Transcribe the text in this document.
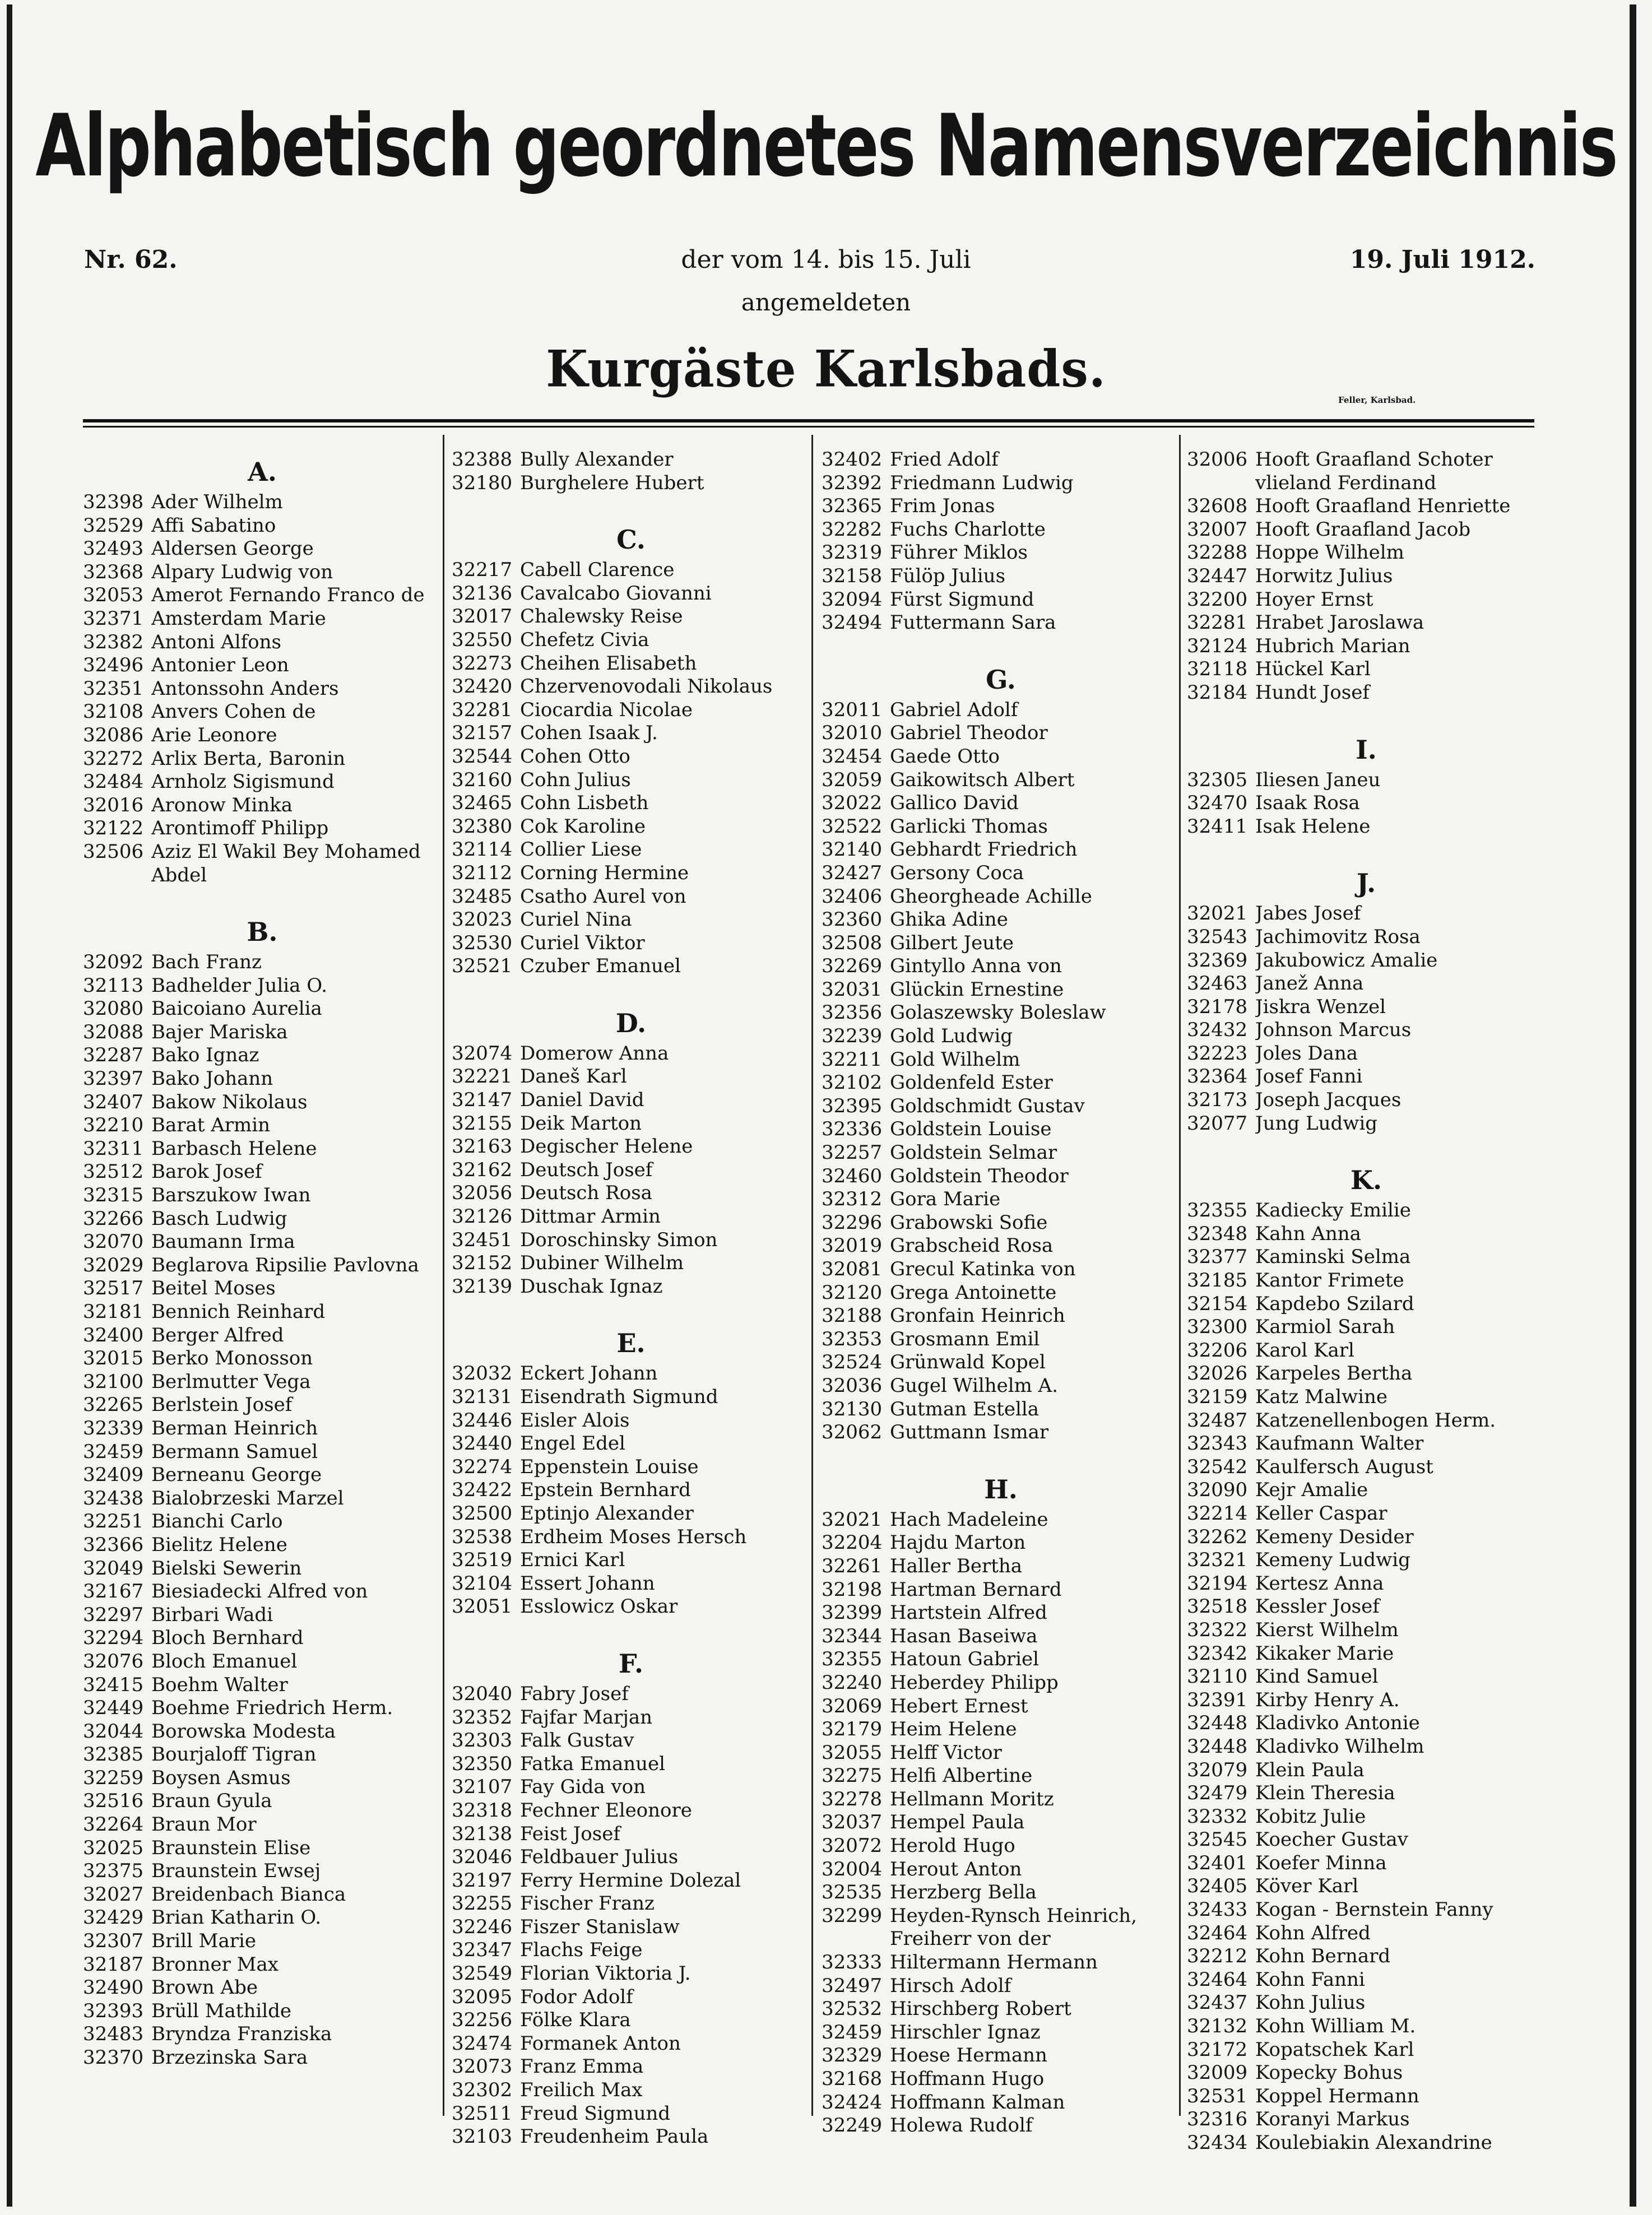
Alphabetisch geordnetes Namensverzeichnis
Nr. 62.	der vom 14. bis 15. Juli	19. Juli 1912.
angemeldeten
Kurgäste Karlsbads.
Feller, Karlsbad.
A.
32398 Ader Wilhelm
32529 Affi Sabatino
32493 Aldersen George
32368 Alpary Ludwig von
32053 Amerot Fernando Franco de
32371 Amsterdam Marie
32382 Antoni Alfons
32496 Antonier Leon
32351 Antonssohn Anders
32108 Anvers Cohen de
32086 Arie Leonore
32272 Arlix Berta, Baronin
32484 Arnholz Sigismund
32016 Aronow Minka
32122 Arontimoff Philipp
32506 Aziz El Wakil Bey Mohamed Abdel
B.
32092 Bach Franz
32113 Badhelder Julia O.
32080 Baicoiano Aurelia
32088 Bajer Mariska
32287 Bako Ignaz
32397 Bako Johann
32407 Bakow Nikolaus
32210 Barat Armin
32311 Barbasch Helene
32512 Barok Josef
32315 Barszukow Iwan
32266 Basch Ludwig
32070 Baumann Irma
32029 Beglarova Ripsilie Pavlovna
32517 Beitel Moses
32181 Bennich Reinhard
32400 Berger Alfred
32015 Berko Monosson
32100 Berlmutter Vega
32265 Berlstein Josef
32339 Berman Heinrich
32459 Bermann Samuel
32409 Berneanu George
32438 Bialobrzeski Marzel
32251 Bianchi Carlo
32366 Bielitz Helene
32049 Bielski Sewerin
32167 Biesiadecki Alfred von
32297 Birbari Wadi
32294 Bloch Bernhard
32076 Bloch Emanuel
32415 Boehm Walter
32449 Boehme Friedrich Herm.
32044 Borowska Modesta
32385 Bourjaloff Tigran
32259 Boysen Asmus
32516 Braun Gyula
32264 Braun Mor
32025 Braunstein Elise
32375 Braunstein Ewsej
32027 Breidenbach Bianca
32429 Brian Katharin O.
32307 Brill Marie
32187 Bronner Max
32490 Brown Abe
32393 Brüll Mathilde
32483 Bryndza Franziska
32370 Brzezinska Sara
32388 Bully Alexander
32180 Burghelere Hubert
C.
32217 Cabell Clarence
32136 Cavalcabo Giovanni
32017 Chalewsky Reise
32550 Chefetz Civia
32273 Cheihen Elisabeth
32420 Chzervenovodali Nikolaus
32281 Ciocardia Nicolae
32157 Cohen Isaak J.
32544 Cohen Otto
32160 Cohn Julius
32465 Cohn Lisbeth
32380 Cok Karoline
32114 Collier Liese
32112 Corning Hermine
32485 Csatho Aurel von
32023 Curiel Nina
32530 Curiel Viktor
32521 Czuber Emanuel
D.
32074 Domerow Anna
32221 Daneš Karl
32147 Daniel David
32155 Deik Marton
32163 Degischer Helene
32162 Deutsch Josef
32056 Deutsch Rosa
32126 Dittmar Armin
32451 Doroschinsky Simon
32152 Dubiner Wilhelm
32139 Duschak Ignaz
E.
32032 Eckert Johann
32131 Eisendrath Sigmund
32446 Eisler Alois
32440 Engel Edel
32274 Eppenstein Louise
32422 Epstein Bernhard
32500 Eptinjo Alexander
32538 Erdheim Moses Hersch
32519 Ernici Karl
32104 Essert Johann
32051 Esslowicz Oskar
F.
32040 Fabry Josef
32352 Fajfar Marjan
32303 Falk Gustav
32350 Fatka Emanuel
32107 Fay Gida von
32318 Fechner Eleonore
32138 Feist Josef
32046 Feldbauer Julius
32197 Ferry Hermine Dolezal
32255 Fischer Franz
32246 Fiszer Stanislaw
32347 Flachs Feige
32549 Florian Viktoria J.
32095 Fodor Adolf
32256 Fölke Klara
32474 Formanek Anton
32073 Franz Emma
32302 Freilich Max
32511 Freud Sigmund
32103 Freudenheim Paula
32402 Fried Adolf
32392 Friedmann Ludwig
32365 Frim Jonas
32282 Fuchs Charlotte
32319 Führer Miklos
32158 Fülöp Julius
32094 Fürst Sigmund
32494 Futtermann Sara
G.
32011 Gabriel Adolf
32010 Gabriel Theodor
32454 Gaede Otto
32059 Gaikowitsch Albert
32022 Gallico David
32522 Garlicki Thomas
32140 Gebhardt Friedrich
32427 Gersony Coca
32406 Gheorgheade Achille
32360 Ghika Adine
32508 Gilbert Jeute
32269 Gintyllo Anna von
32031 Glückin Ernestine
32356 Golaszewsky Boleslaw
32239 Gold Ludwig
32211 Gold Wilhelm
32102 Goldenfeld Ester
32395 Goldschmidt Gustav
32336 Goldstein Louise
32257 Goldstein Selmar
32460 Goldstein Theodor
32312 Gora Marie
32296 Grabowski Sofie
32019 Grabscheid Rosa
32081 Grecul Katinka von
32120 Grega Antoinette
32188 Gronfain Heinrich
32353 Grosmann Emil
32524 Grünwald Kopel
32036 Gugel Wilhelm A.
32130 Gutman Estella
32062 Guttmann Ismar
H.
32021 Hach Madeleine
32204 Hajdu Marton
32261 Haller Bertha
32198 Hartman Bernard
32399 Hartstein Alfred
32344 Hasan Baseiwa
32355 Hatoun Gabriel
32240 Heberdey Philipp
32069 Hebert Ernest
32179 Heim Helene
32055 Helff Victor
32275 Helfi Albertine
32278 Hellmann Moritz
32037 Hempel Paula
32072 Herold Hugo
32004 Herout Anton
32535 Herzberg Bella
32299 Heyden-Rynsch Heinrich, Freiherr von der
32333 Hiltermann Hermann
32497 Hirsch Adolf
32532 Hirschberg Robert
32459 Hirschler Ignaz
32329 Hoese Hermann
32168 Hoffmann Hugo
32424 Hoffmann Kalman
32249 Holewa Rudolf
32006 Hooft Graafland Schoter vlieland Ferdinand
32608 Hooft Graafland Henriette
32007 Hooft Graafland Jacob
32288 Hoppe Wilhelm
32447 Horwitz Julius
32200 Hoyer Ernst
32281 Hrabet Jaroslawa
32124 Hubrich Marian
32118 Hückel Karl
32184 Hundt Josef
I.
32305 Iliesen Janeu
32470 Isaak Rosa
32411 Isak Helene
J.
32021 Jabes Josef
32543 Jachimovitz Rosa
32369 Jakubowicz Amalie
32463 Janež Anna
32178 Jiskra Wenzel
32432 Johnson Marcus
32223 Joles Dana
32364 Josef Fanni
32173 Joseph Jacques
32077 Jung Ludwig
K.
32355 Kadiecky Emilie
32348 Kahn Anna
32377 Kaminski Selma
32185 Kantor Frimete
32154 Kapdebo Szilard
32300 Karmiol Sarah
32206 Karol Karl
32026 Karpeles Bertha
32159 Katz Malwine
32487 Katzenellenbogen Herm.
32343 Kaufmann Walter
32542 Kaulfersch August
32090 Kejr Amalie
32214 Keller Caspar
32262 Kemeny Desider
32321 Kemeny Ludwig
32194 Kertesz Anna
32518 Kessler Josef
32322 Kierst Wilhelm
32342 Kikaker Marie
32110 Kind Samuel
32391 Kirby Henry A.
32448 Kladivko Antonie
32448 Kladivko Wilhelm
32079 Klein Paula
32479 Klein Theresia
32332 Kobitz Julie
32545 Koecher Gustav
32401 Koefer Minna
32405 Köver Karl
32433 Kogan - Bernstein Fanny
32464 Kohn Alfred
32212 Kohn Bernard
32464 Kohn Fanni
32437 Kohn Julius
32132 Kohn William M.
32172 Kopatschek Karl
32009 Kopecky Bohus
32531 Koppel Hermann
32316 Koranyi Markus
32434 Koulebiakin Alexandrine
